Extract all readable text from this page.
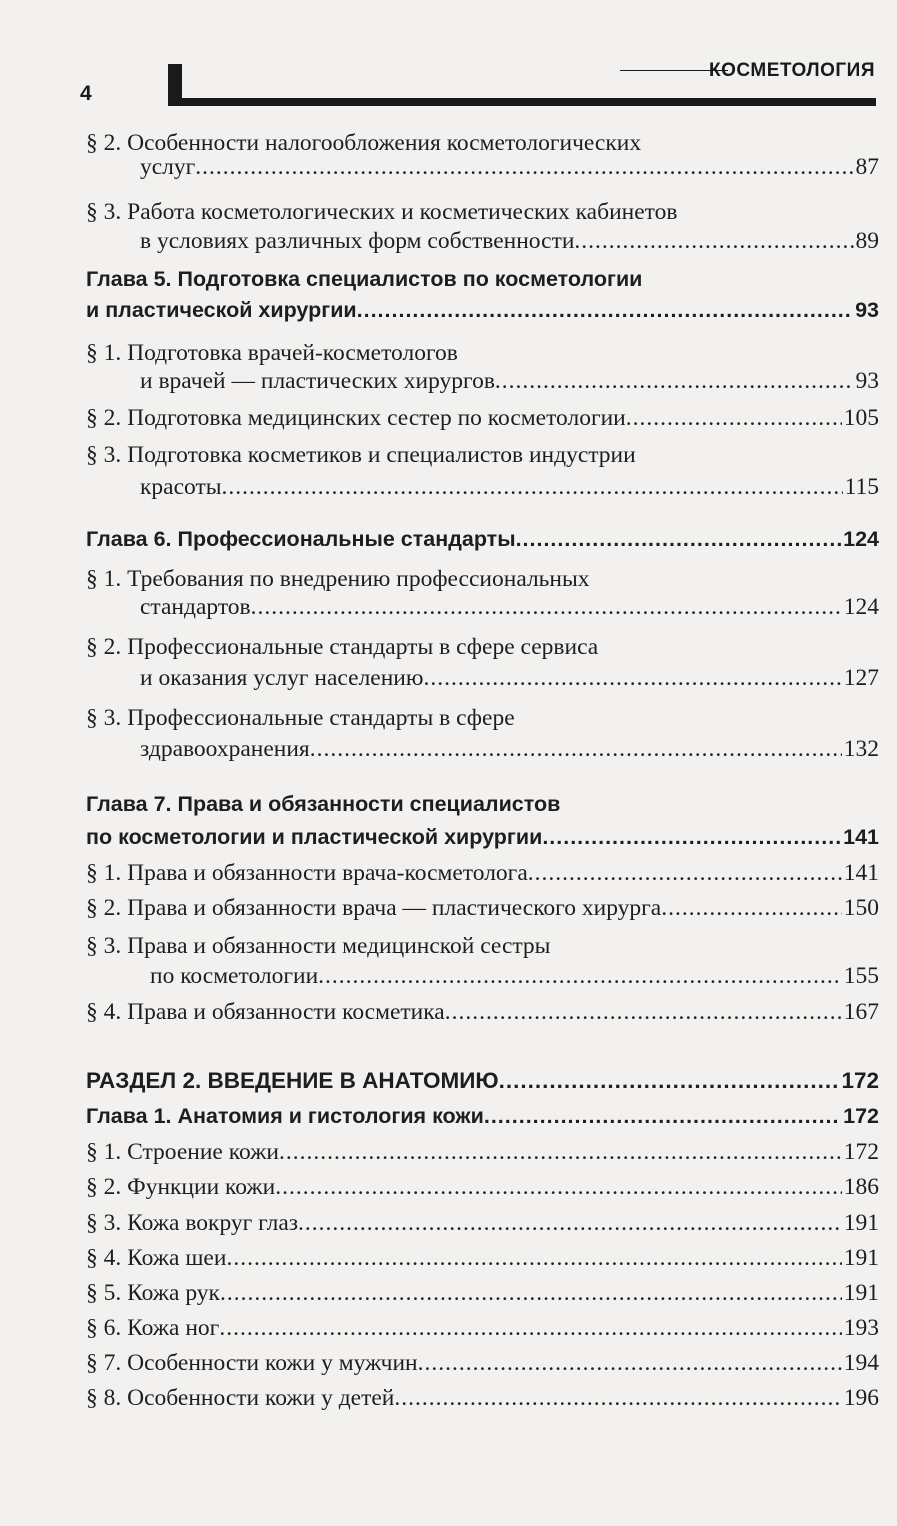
4
КОСМЕТОЛОГИЯ
§ 2. Особенности налогообложения косметологических
услуг .....	87
§ 3. Работа косметологических и косметических кабинетов
в условиях различных форм собственности .....	89
Глава 5. Подготовка специалистов по косметологии
и пластической хирургии .....	93
§ 1. Подготовка врачей-косметологов
и врачей — пластических хирургов .....	93
§ 2. Подготовка медицинских сестер по косметологии .....	105
§ 3. Подготовка косметиков и специалистов индустрии
красоты .....	115
Глава 6. Профессиональные стандарты .....	124
§ 1. Требования по внедрению профессиональных
стандартов .....	124
§ 2. Профессиональные стандарты в сфере сервиса
и оказания услуг населению .....	127
§ 3. Профессиональные стандарты в сфере
здравоохранения .....	132
Глава 7. Права и обязанности специалистов
по косметологии и пластической хирургии .....	141
§ 1. Права и обязанности врача-косметолога .....	141
§ 2. Права и обязанности врача — пластического хирурга .....	150
§ 3. Права и обязанности медицинской сестры
по косметологии .....	155
§ 4. Права и обязанности косметика .....	167
РАЗДЕЛ 2. ВВЕДЕНИЕ В АНАТОМИЮ .....	172
Глава 1. Анатомия и гистология кожи .....	172
§ 1. Строение кожи .....	172
§ 2. Функции кожи .....	186
§ 3. Кожа вокруг глаз .....	191
§ 4. Кожа шеи .....	191
§ 5. Кожа рук .....	191
§ 6. Кожа ног .....	193
§ 7. Особенности кожи у мужчин .....	194
§ 8. Особенности кожи у детей .....	196
